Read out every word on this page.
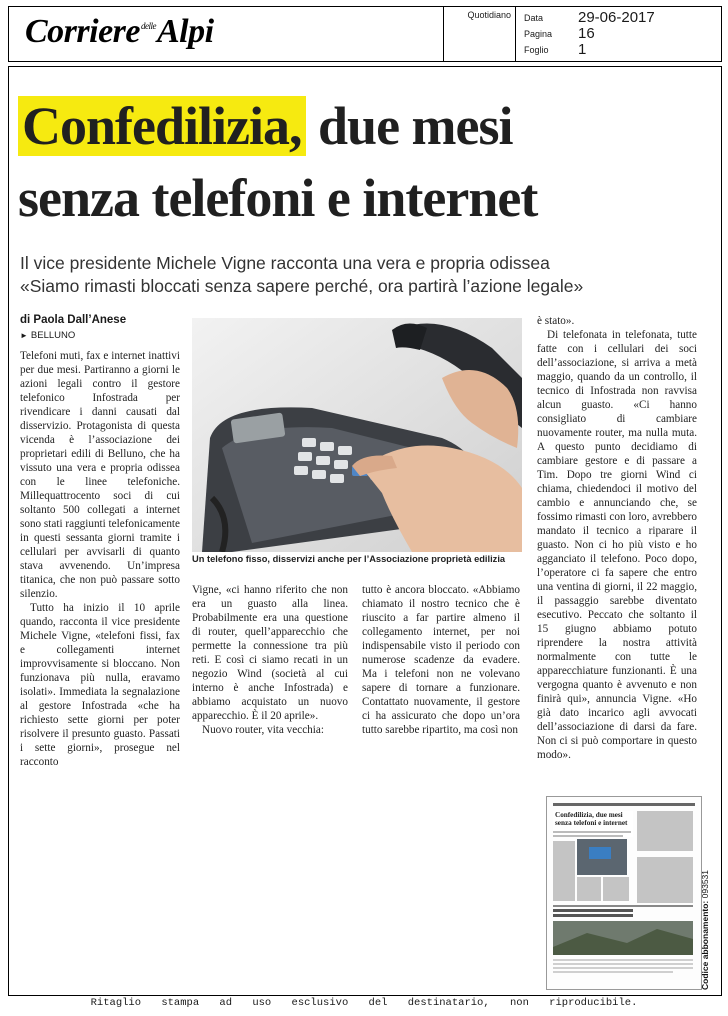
Corriere$^{delle}$Alpi	Quotidiano	Data	29-06-2017
Pagina	16
Foglio	1
Confedilizia, due mesi
senza telefoni e internet
Il vice presidente Michele Vigne racconta una vera e propria odissea
«Siamo rimasti bloccati senza sapere perché, ora partirà l’azione legale»
di Paola Dall’Anese
► BELLUNO

Telefoni muti, fax e internet inattivi per due mesi. Partiranno a giorni le azioni legali contro il gestore telefonico Infostrada per rivendicare i danni causati dal disservizio. Protagonista di questa vicenda è l’associazione dei proprietari edili di Belluno, che ha vissuto una vera e propria odissea con le linee telefoniche. Millequattrocento soci di cui soltanto 500 collegati a internet sono stati raggiunti telefonicamente in questi sessanta giorni tramite i cellulari per avvisarli di quanto stava avvenendo. Un’impresa titanica, che non può passare sotto silenzio.

Tutto ha inizio il 10 aprile quando, racconta il vice presidente Michele Vigne, «telefoni fissi, fax e collegamenti internet improvvisamente si bloccano. Non funzionava più nulla, eravamo isolati». Immediata la segnalazione al gestore Infostrada «che ha richiesto sette giorni per poter risolvere il presunto guasto. Passati i sette giorni», prosegue nel racconto

Un telefono fisso, disservizi anche per l’Associazione proprietà edilizia

Vigne, «ci hanno riferito che non era un guasto alla linea. Probabilmente era una questione di router, quell’apparecchio che permette la connessione tra più reti. E così ci siamo recati in un negozio Wind (società al cui interno è anche Infostrada) e abbiamo acquistato un nuovo apparecchio. È il 20 aprile».

Nuovo router, vita vecchia:

tutto è ancora bloccato. «Abbiamo chiamato il nostro tecnico che è riuscito a far partire almeno il collegamento internet, per noi indispensabile visto il periodo con numerose scadenze da evadere. Ma i telefoni non ne volevano sapere di tornare a funzionare. Contattato nuovamente, il gestore ci ha assicurato che dopo un’ora tutto sarebbe ripartito, ma così non

è stato».

Di telefonata in telefonata, tutte fatte con i cellulari dei soci dell’associazione, si arriva a metà maggio, quando da un controllo, il tecnico di Infostrada non ravvisa alcun guasto. «Ci hanno consigliato di cambiare nuovamente router, ma nulla muta. A questo punto decidiamo di cambiare gestore e di passare a Tim. Dopo tre giorni Wind ci chiama, chiedendoci il motivo del cambio e annunciando che, se fossimo rimasti con loro, avrebbero mandato il tecnico a riparare il guasto. Non ci ho più visto e ho agganciato il telefono. Poco dopo, l’operatore ci fa sapere che entro una ventina di giorni, il 22 maggio, il passaggio sarebbe diventato esecutivo. Peccato che soltanto il 15 giugno abbiamo potuto riprendere la nostra attività normalmente con tutte le apparecchiature funzionanti. È una vergogna quanto è avvenuto e non finirà qui», annuncia Vigne. «Ho già dato incarico agli avvocati dell’associazione di darsi da fare. Non ci si può comportare in questo modo».

Confedilizia, due mesi
senza telefoni e internet
Codice abbonamento: 093531
Ritaglio stampa ad uso esclusivo del destinatario, non riproducibile.
